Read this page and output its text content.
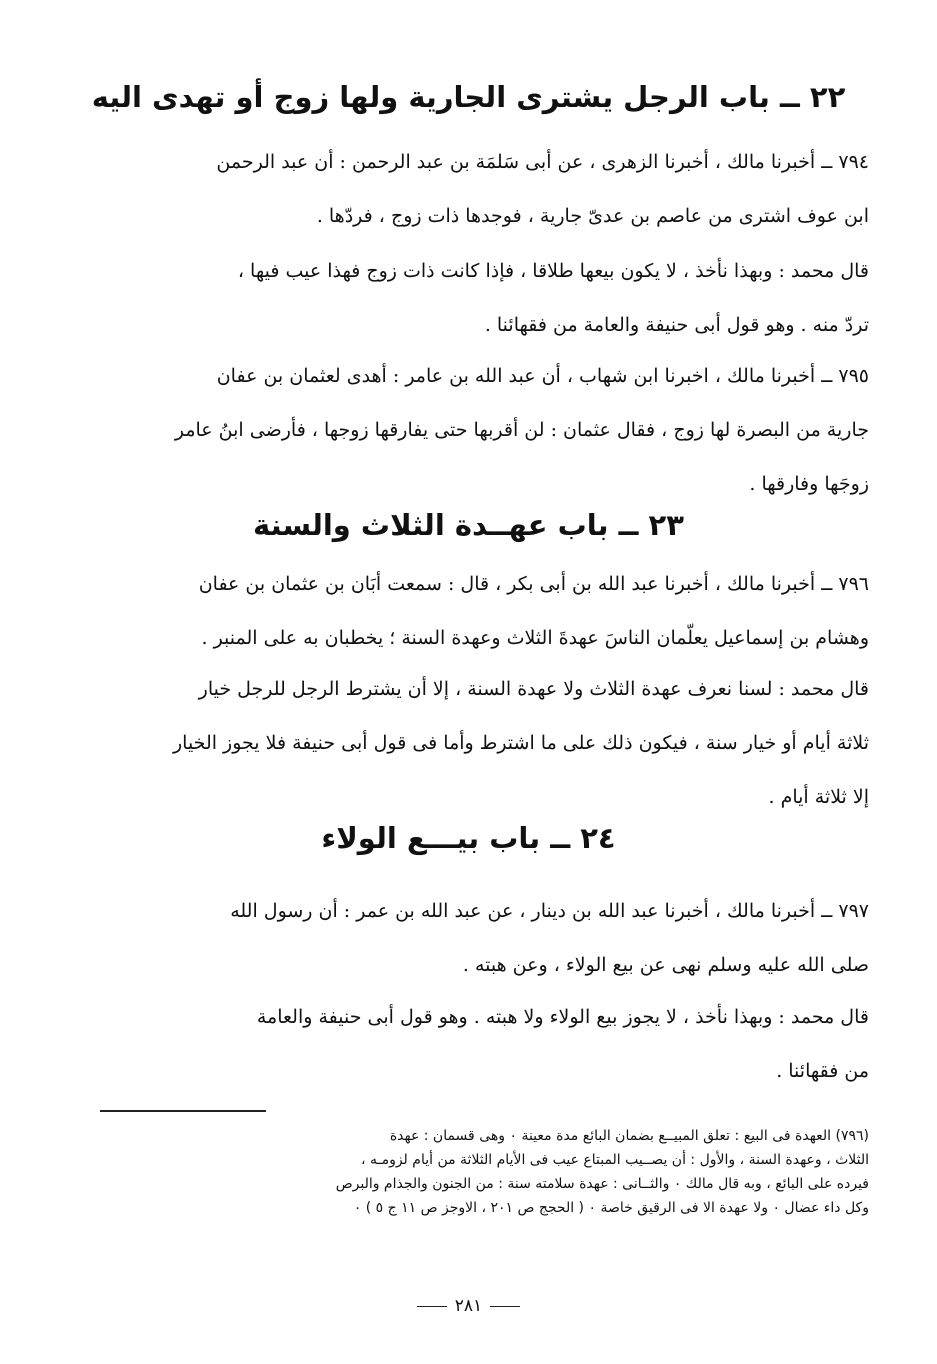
٢٢ ــ باب الرجل يشترى الجارية ولها زوج أو تهدى اليه
٧٩٤ ــ أخبرنا مالك ، أخبرنا الزهرى ، عن أبى سَلمَة بن عبد الرحمن : أن عبد الرحمن
ابن عوف اشترى من عاصم بن عدىّ جارية ، فوجدها ذات زوج ، فردّها .
قال محمد : وبهذا نأخذ ، لا يكون بيعها طلاقا ، فإذا كانت ذات زوج فهذا عيب فيها ،
تردّ منه . وهو قول أبى حنيفة والعامة من فقهائنا .
٧٩٥ ــ أخبرنا مالك ، اخبرنا ابن شهاب ، أن عبد الله بن عامر : أهدى لعثمان بن عفان
جارية من البصرة لها زوج ، فقال عثمان : لن أقربها حتى يفارقها زوجها ، فأرضى ابنُ عامر
زوجَها وفارقها .
٢٣ ــ باب عهــدة الثلاث والسنة
٧٩٦ ــ أخبرنا مالك ، أخبرنا عبد الله بن أبى بكر ، قال : سمعت أبَان بن عثمان بن عفان
وهشام بن إسماعيل يعلّمان الناسَ عهدةَ الثلاث وعهدة السنة ؛ يخطبان به على المنبر .
قال محمد : لسنا نعرف عهدة الثلاث ولا عهدة السنة ، إلا أن يشترط الرجل للرجل خيار
ثلاثة أيام أو خيار سنة ، فيكون ذلك على ما اشترط وأما فى قول أبى حنيفة فلا يجوز الخيار
إلا ثلاثة أيام .
٢٤ ــ باب بيـــع الولاء
٧٩٧ ــ أخبرنا مالك ، أخبرنا عبد الله بن دينار ، عن عبد الله بن عمر : أن رسول الله
صلى الله عليه وسلم نهى عن بيع الولاء ، وعن هبته .
قال محمد : وبهذا نأخذ ، لا يجوز بيع الولاء ولا هبته . وهو قول أبى حنيفة والعامة
من فقهائنا .
(٧٩٦) العهدة فى البيع : تعلق المبيــع بضمان البائع مدة معينة ٠ وهى قسمان : عهدة
الثلاث ، وعهدة السنة ، والأول : أن يصــيب المبتاع عيب فى الأيام الثلاثة من أيام لزومـه ،
فيرده على البائع ، وبه قال مالك ٠ والثــانى : عهدة سلامته سنة : من الجنون والجذام والبرص
وكل داء عضال ٠ ولا عهدة الا فى الرقيق خاصة ٠ ( الحجج ص ٢٠١ ، الاوجز ص ١١ ج ٥ ) ٠
٢٨١
